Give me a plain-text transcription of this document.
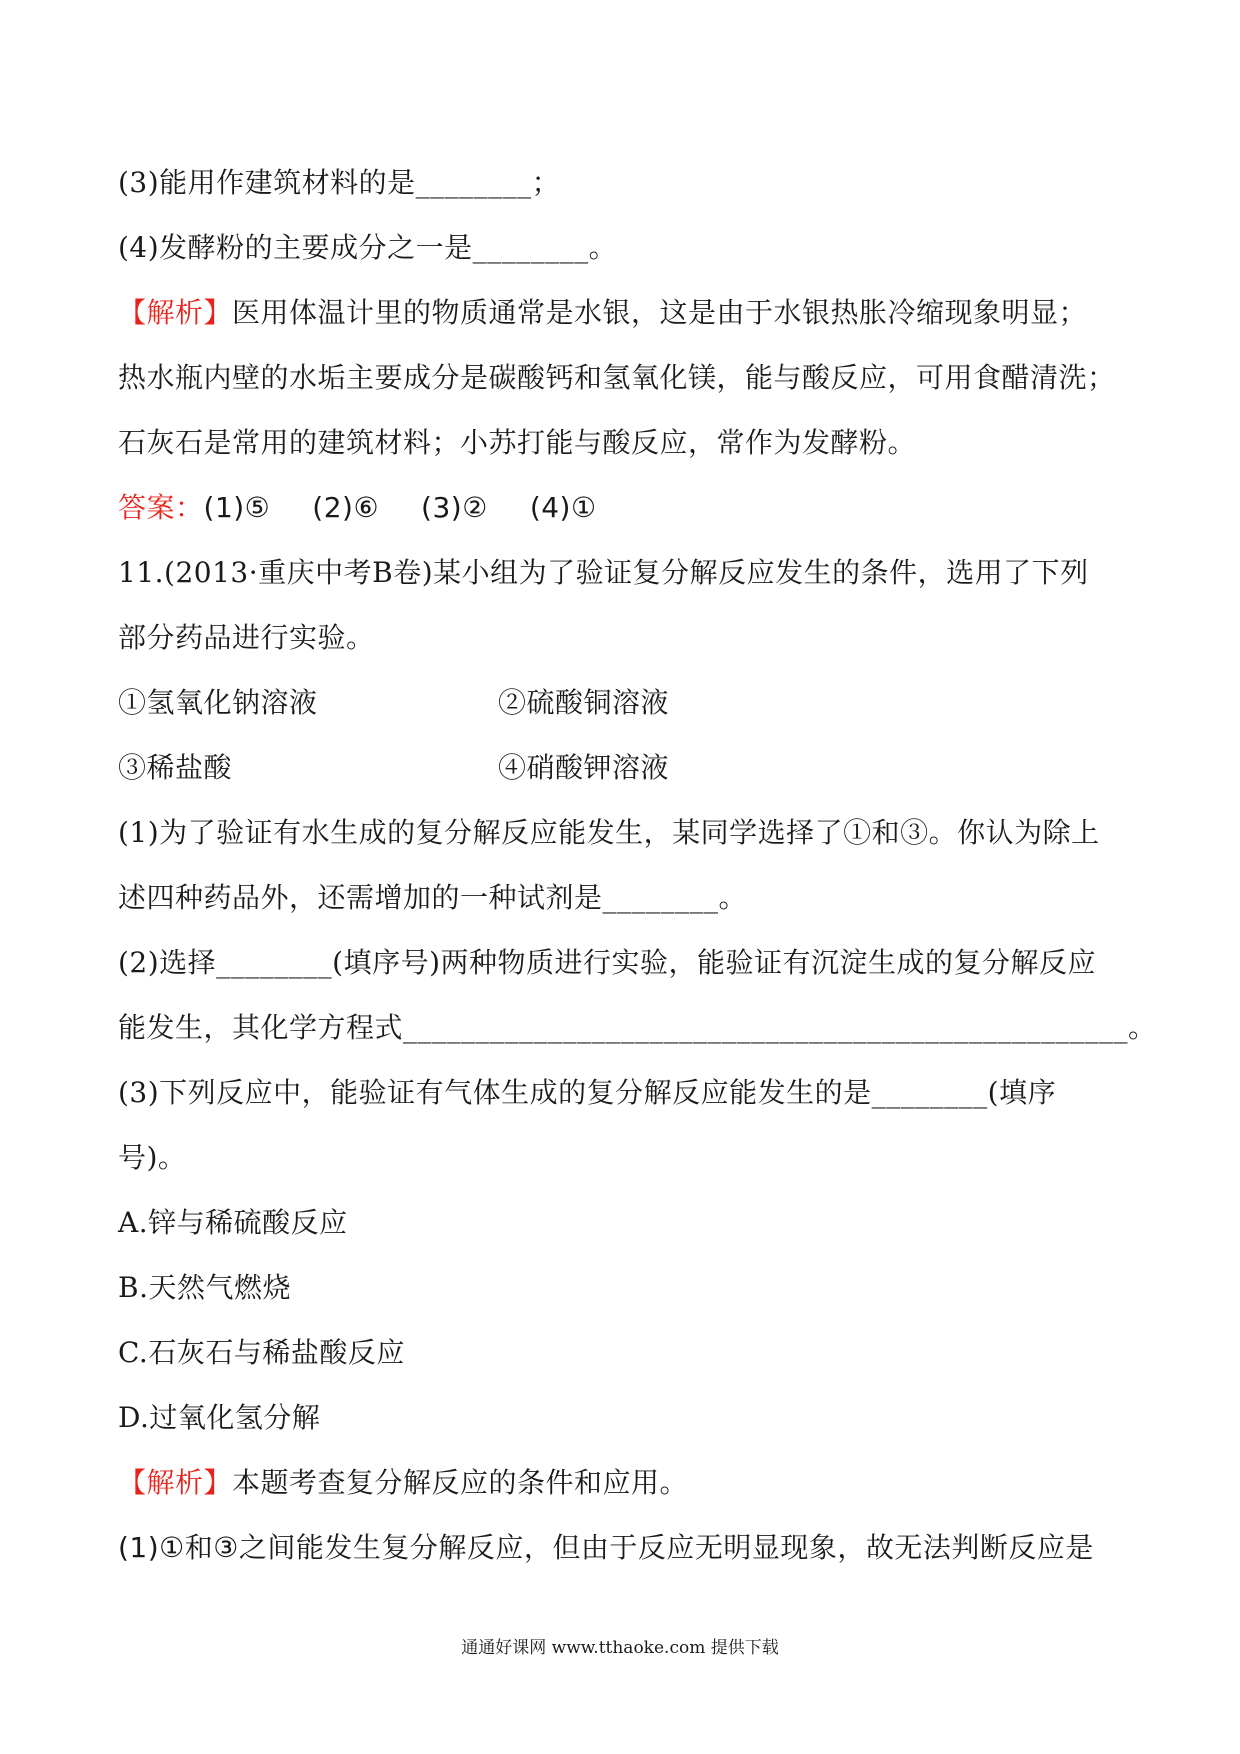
(3)能用作建筑材料的是________；
(4)发酵粉的主要成分之一是________。
【解析】医用体温计里的物质通常是水银，这是由于水银热胀冷缩现象明显；
热水瓶内壁的水垢主要成分是碳酸钙和氢氧化镁，能与酸反应，可用食醋清洗；
石灰石是常用的建筑材料；小苏打能与酸反应，常作为发酵粉。
答案：(1)⑤ (2)⑥ (3)② (4)①
11.(2013·重庆中考B卷)某小组为了验证复分解反应发生的条件，选用了下列
部分药品进行实验。
①氢氧化钠溶液	②硫酸铜溶液
③稀盐酸	④硝酸钾溶液
(1)为了验证有水生成的复分解反应能发生，某同学选择了①和③。你认为除上
述四种药品外，还需增加的一种试剂是________。
(2)选择________(填序号)两种物质进行实验，能验证有沉淀生成的复分解反应
能发生，其化学方程式__________________________________________________。
(3)下列反应中，能验证有气体生成的复分解反应能发生的是________(填序
号)。
A.锌与稀硫酸反应
B.天然气燃烧
C.石灰石与稀盐酸反应
D.过氧化氢分解
【解析】本题考查复分解反应的条件和应用。
(1)①和③之间能发生复分解反应，但由于反应无明显现象，故无法判断反应是
通通好课网 www.tthaoke.com 提供下载
